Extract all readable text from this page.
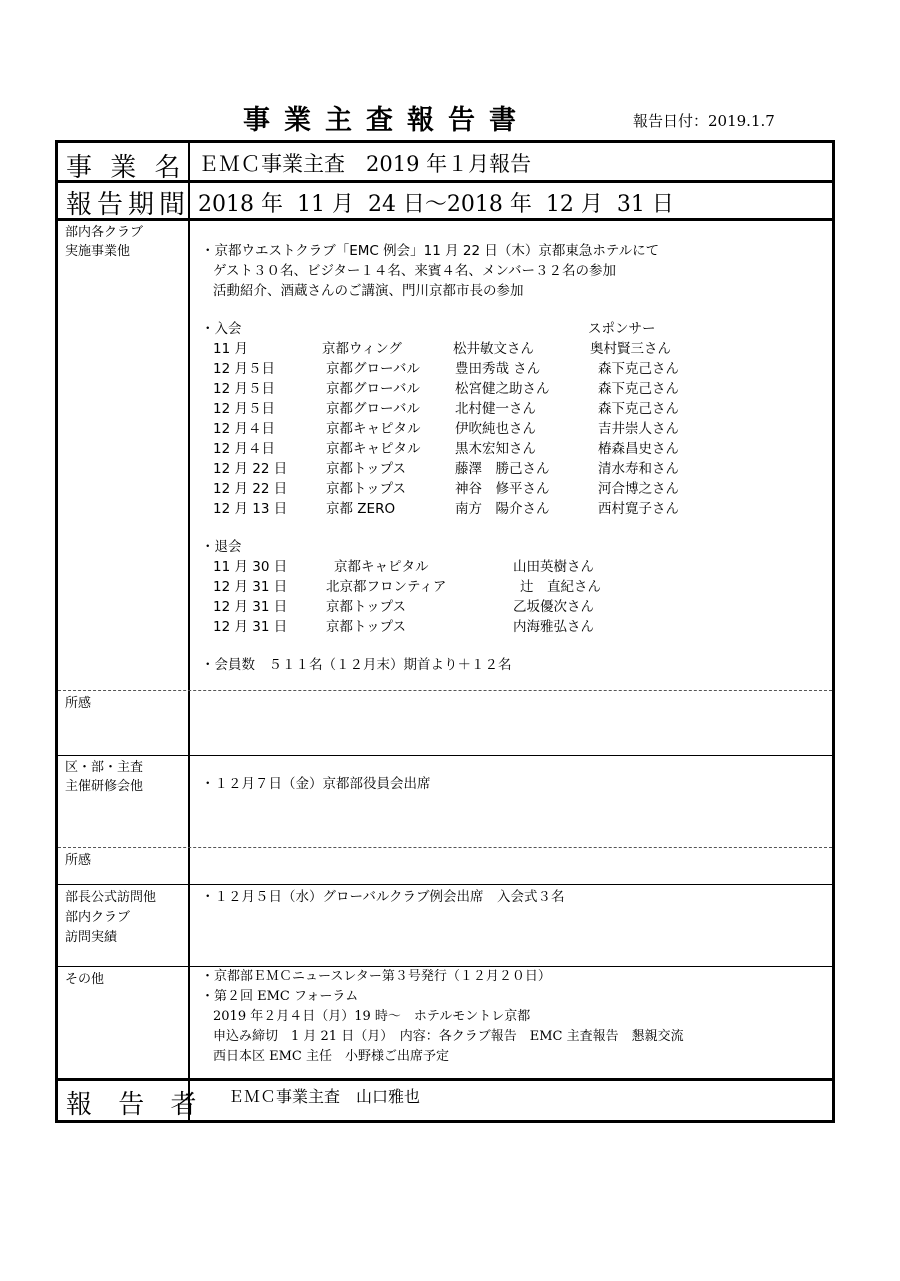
事業主査報告書	報告日付：2019.1.7
事 業 名 ＥＭＣ事業主査　2019 年１月報告
報告期間 2018 年  11 月  24 日～2018 年  12 月  31 日
部内各クラブ
実施事業他	・京都ウエストクラブ「EMC 例会」11 月 22 日（木）京都東急ホテルにて
ゲスト３０名、ビジター１４名、来賓４名、メンバー３２名の参加
活動紹介、酒蔵さんのご講演、門川京都市長の参加
・入会	スポンサー
11 月	京都ウィング	松井敏文さん	奥村賢三さん
12 月５日	京都グローバル	豊田秀哉 さん	森下克己さん
12 月５日	京都グローバル	松宮健之助さん	森下克己さん
12 月５日	京都グローバル	北村健一さん	森下克己さん
12 月４日	京都キャピタル	伊吹純也さん	吉井崇人さん
12 月４日	京都キャピタル	黒木宏知さん	椿森昌史さん
12 月 22 日	京都トップス	藤澤　勝己さん	清水寿和さん
12 月 22 日	京都トップス	神谷　修平さん	河合博之さん
12 月 13 日	京都 ZERO	南方　陽介さん	西村寛子さん
・退会
11 月 30 日	京都キャピタル	山田英樹さん
12 月 31 日	北京都フロンティア	辻　直紀さん
12 月 31 日	京都トップス	乙坂優次さん
12 月 31 日	京都トップス	内海雅弘さん
・会員数　５１１名（１２月末）期首より＋１２名
所感
区・部・主査
主催研修会他	・１２月７日（金）京都部役員会出席
所感
部長公式訪問他
部内クラブ
訪問実績
・１２月５日（水）グローバルクラブ例会出席　入会式３名
その他	・京都部ＥＭＣニュースレター第３号発行（１２月２０日）
・第２回 EMC フォーラム
2019 年２月４日（月）19 時～　ホテルモントレ京都
申込み締切　1 月 21 日（月）　内容：各クラブ報告　EMC 主査報告　懇親交流
西日本区 EMC 主任　小野様ご出席予定
報 告 者 ＥＭＣ事業主査　山口雅也
